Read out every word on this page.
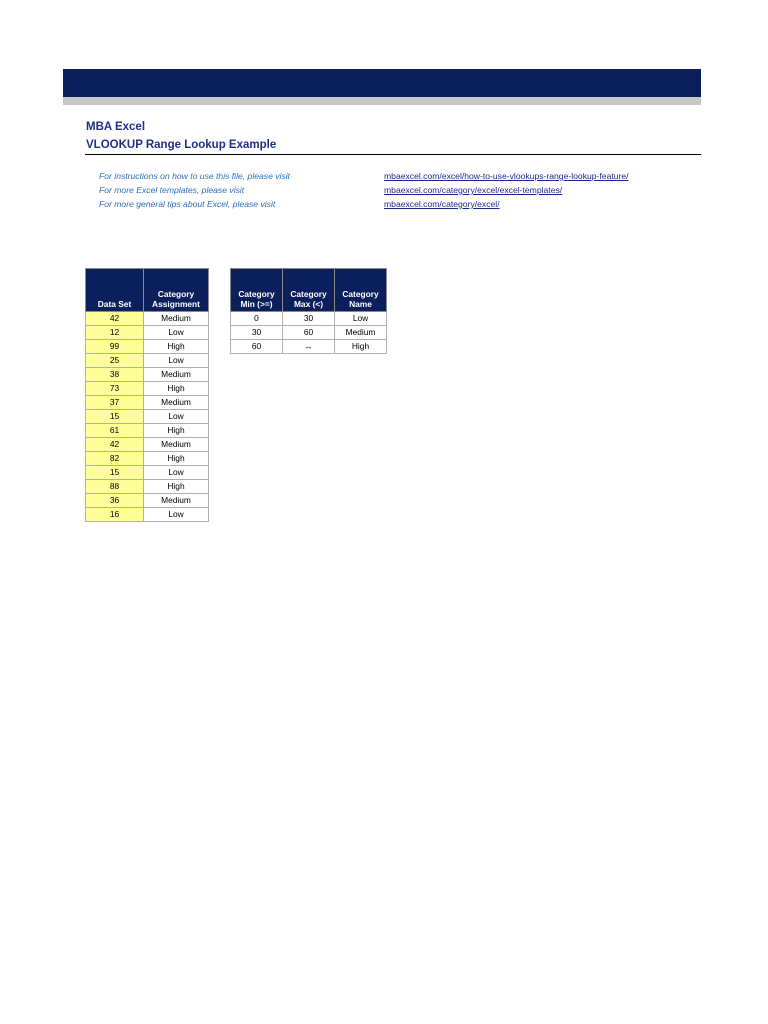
MBA Excel
VLOOKUP Range Lookup Example
For instructions on how to use this file, please visit
For more Excel templates, please visit
For more general tips about Excel, please visit
mbaexcel.com/excel/how-to-use-vlookups-range-lookup-feature/
mbaexcel.com/category/excel/excel-templates/
mbaexcel.com/category/excel/
Data Set	Category Assignment
42	Medium
12	Low
99	High
25	Low
38	Medium
73	High
37	Medium
15	Low
61	High
42	Medium
82	High
15	Low
88	High
36	Medium
16	Low
Category Min (>=)	Category Max (<)	Category Name
0	30	Low
30	60	Medium
60	↔	High
